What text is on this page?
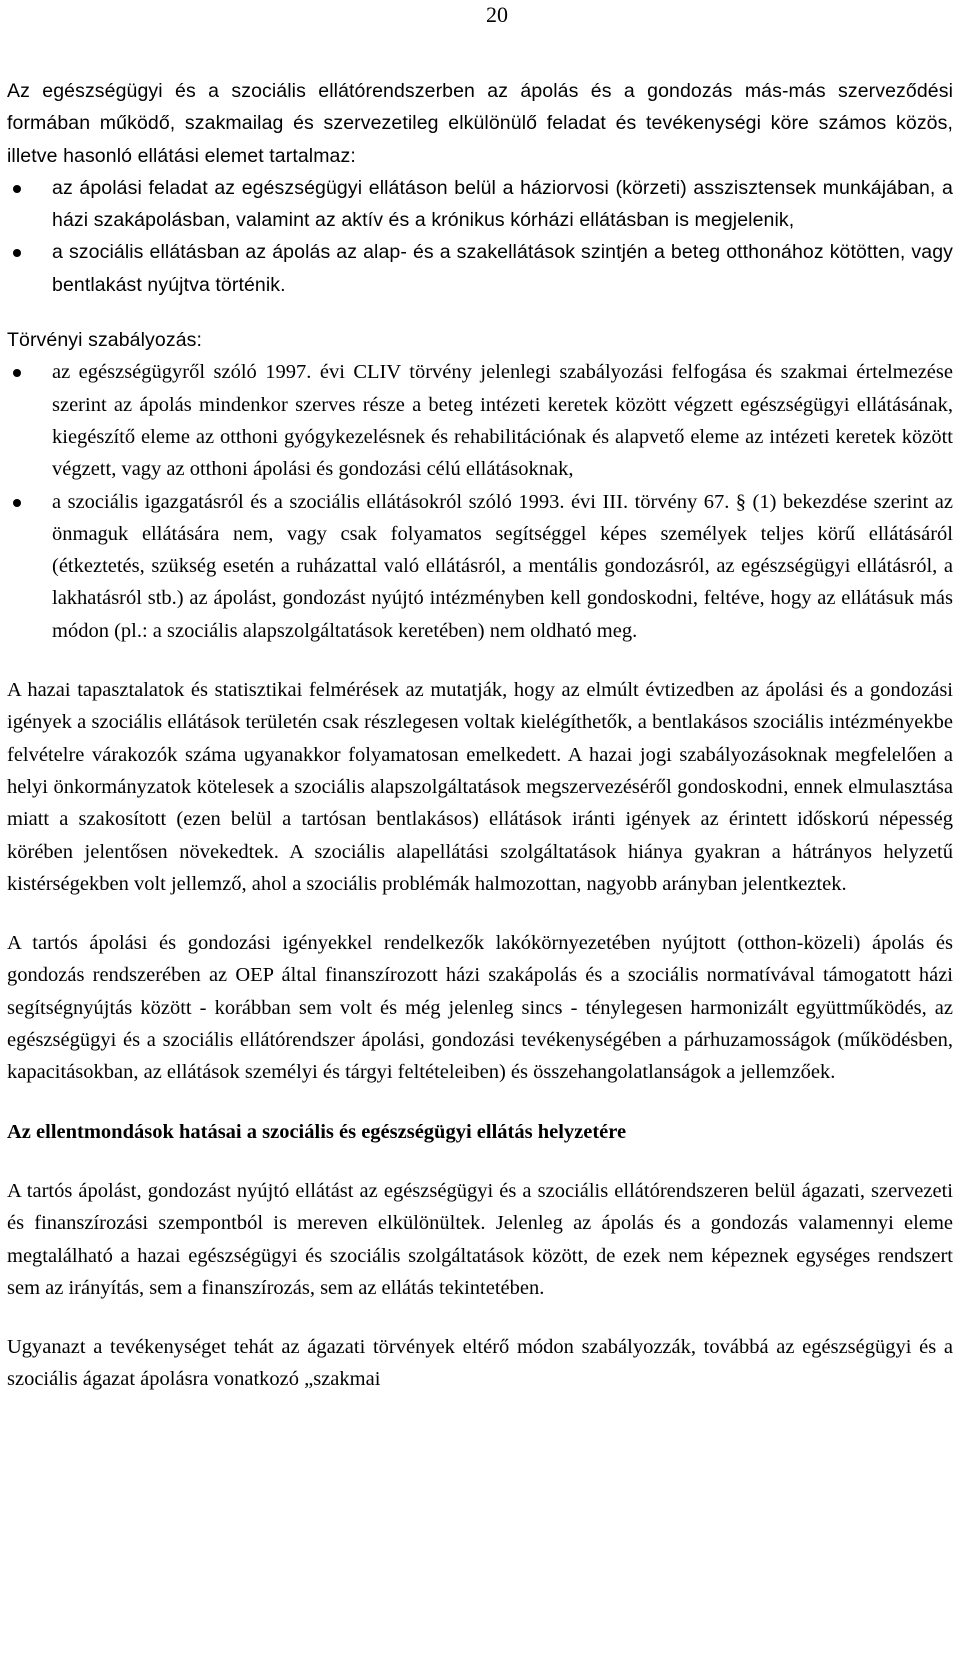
20

Az egészségügyi és a szociális ellátórendszerben az ápolás és a gondozás más-más szerveződési formában működő, szakmailag és szervezetileg elkülönülő feladat és tevékenységi köre számos közös, illetve hasonló ellátási elemet tartalmaz:

az ápolási feladat az egészségügyi ellátáson belül a háziorvosi (körzeti) asszisztensek munkájában, a házi szakápolásban, valamint az aktív és a krónikus kórházi ellátásban is megjelenik,
a szociális ellátásban az ápolás az alap- és a szakellátások szintjén a beteg otthonához kötötten, vagy bentlakást nyújtva történik.

Törvényi szabályozás:

az egészségügyről szóló 1997. évi CLIV törvény jelenlegi szabályozási felfogása és szakmai értelmezése szerint az ápolás mindenkor szerves része a beteg intézeti keretek között végzett egészségügyi ellátásának, kiegészítő eleme az otthoni gyógykezelésnek és rehabilitációnak és alapvető eleme az intézeti keretek között végzett, vagy az otthoni ápolási és gondozási célú ellátásoknak,
a szociális igazgatásról és a szociális ellátásokról szóló 1993. évi III. törvény 67. § (1) bekezdése szerint az önmaguk ellátására nem, vagy csak folyamatos segítséggel képes személyek teljes körű ellátásáról (étkeztetés, szükség esetén a ruházattal való ellátásról, a mentális gondozásról, az egészségügyi ellátásról, a lakhatásról stb.) az ápolást, gondozást nyújtó intézményben kell gondoskodni, feltéve, hogy az ellátásuk más módon (pl.: a szociális alapszolgáltatások keretében) nem oldható meg.

A hazai tapasztalatok és statisztikai felmérések az mutatják, hogy az elmúlt évtizedben az ápolási és a gondozási igények a szociális ellátások területén csak részlegesen voltak kielégíthetők, a bentlakásos szociális intézményekbe felvételre várakozók száma ugyanakkor folyamatosan emelkedett. A hazai jogi szabályozásoknak megfelelően a helyi önkormányzatok kötelesek a szociális alapszolgáltatások megszervezéséről gondoskodni, ennek elmulasztása miatt a szakosított (ezen belül a tartósan bentlakásos) ellátások iránti igények az érintett időskorú népesség körében jelentősen növekedtek. A szociális alapellátási szolgáltatások hiánya gyakran a hátrányos helyzetű kistérségekben volt jellemző, ahol a szociális problémák halmozottan, nagyobb arányban jelentkeztek.

A tartós ápolási és gondozási igényekkel rendelkezők lakókörnyezetében nyújtott (otthon-közeli) ápolás és gondozás rendszerében az OEP által finanszírozott házi szakápolás és a szociális normatívával támogatott házi segítségnyújtás között - korábban sem volt és még jelenleg sincs - ténylegesen harmonizált együttműködés, az egészségügyi és a szociális ellátórendszer ápolási, gondozási tevékenységében a párhuzamosságok (működésben, kapacitásokban, az ellátások személyi és tárgyi feltételeiben) és összehangolatlanságok a jellemzőek.

Az ellentmondások hatásai a szociális és egészségügyi ellátás helyzetére

A tartós ápolást, gondozást nyújtó ellátást az egészségügyi és a szociális ellátórendszeren belül ágazati, szervezeti és finanszírozási szempontból is mereven elkülönültek. Jelenleg az ápolás és a gondozás valamennyi eleme megtalálható a hazai egészségügyi és szociális szolgáltatások között, de ezek nem képeznek egységes rendszert sem az irányítás, sem a finanszírozás, sem az ellátás tekintetében.

Ugyanazt a tevékenységet tehát az ágazati törvények eltérő módon szabályozzák, továbbá az egészségügyi és a szociális ágazat ápolásra vonatkozó „szakmai
